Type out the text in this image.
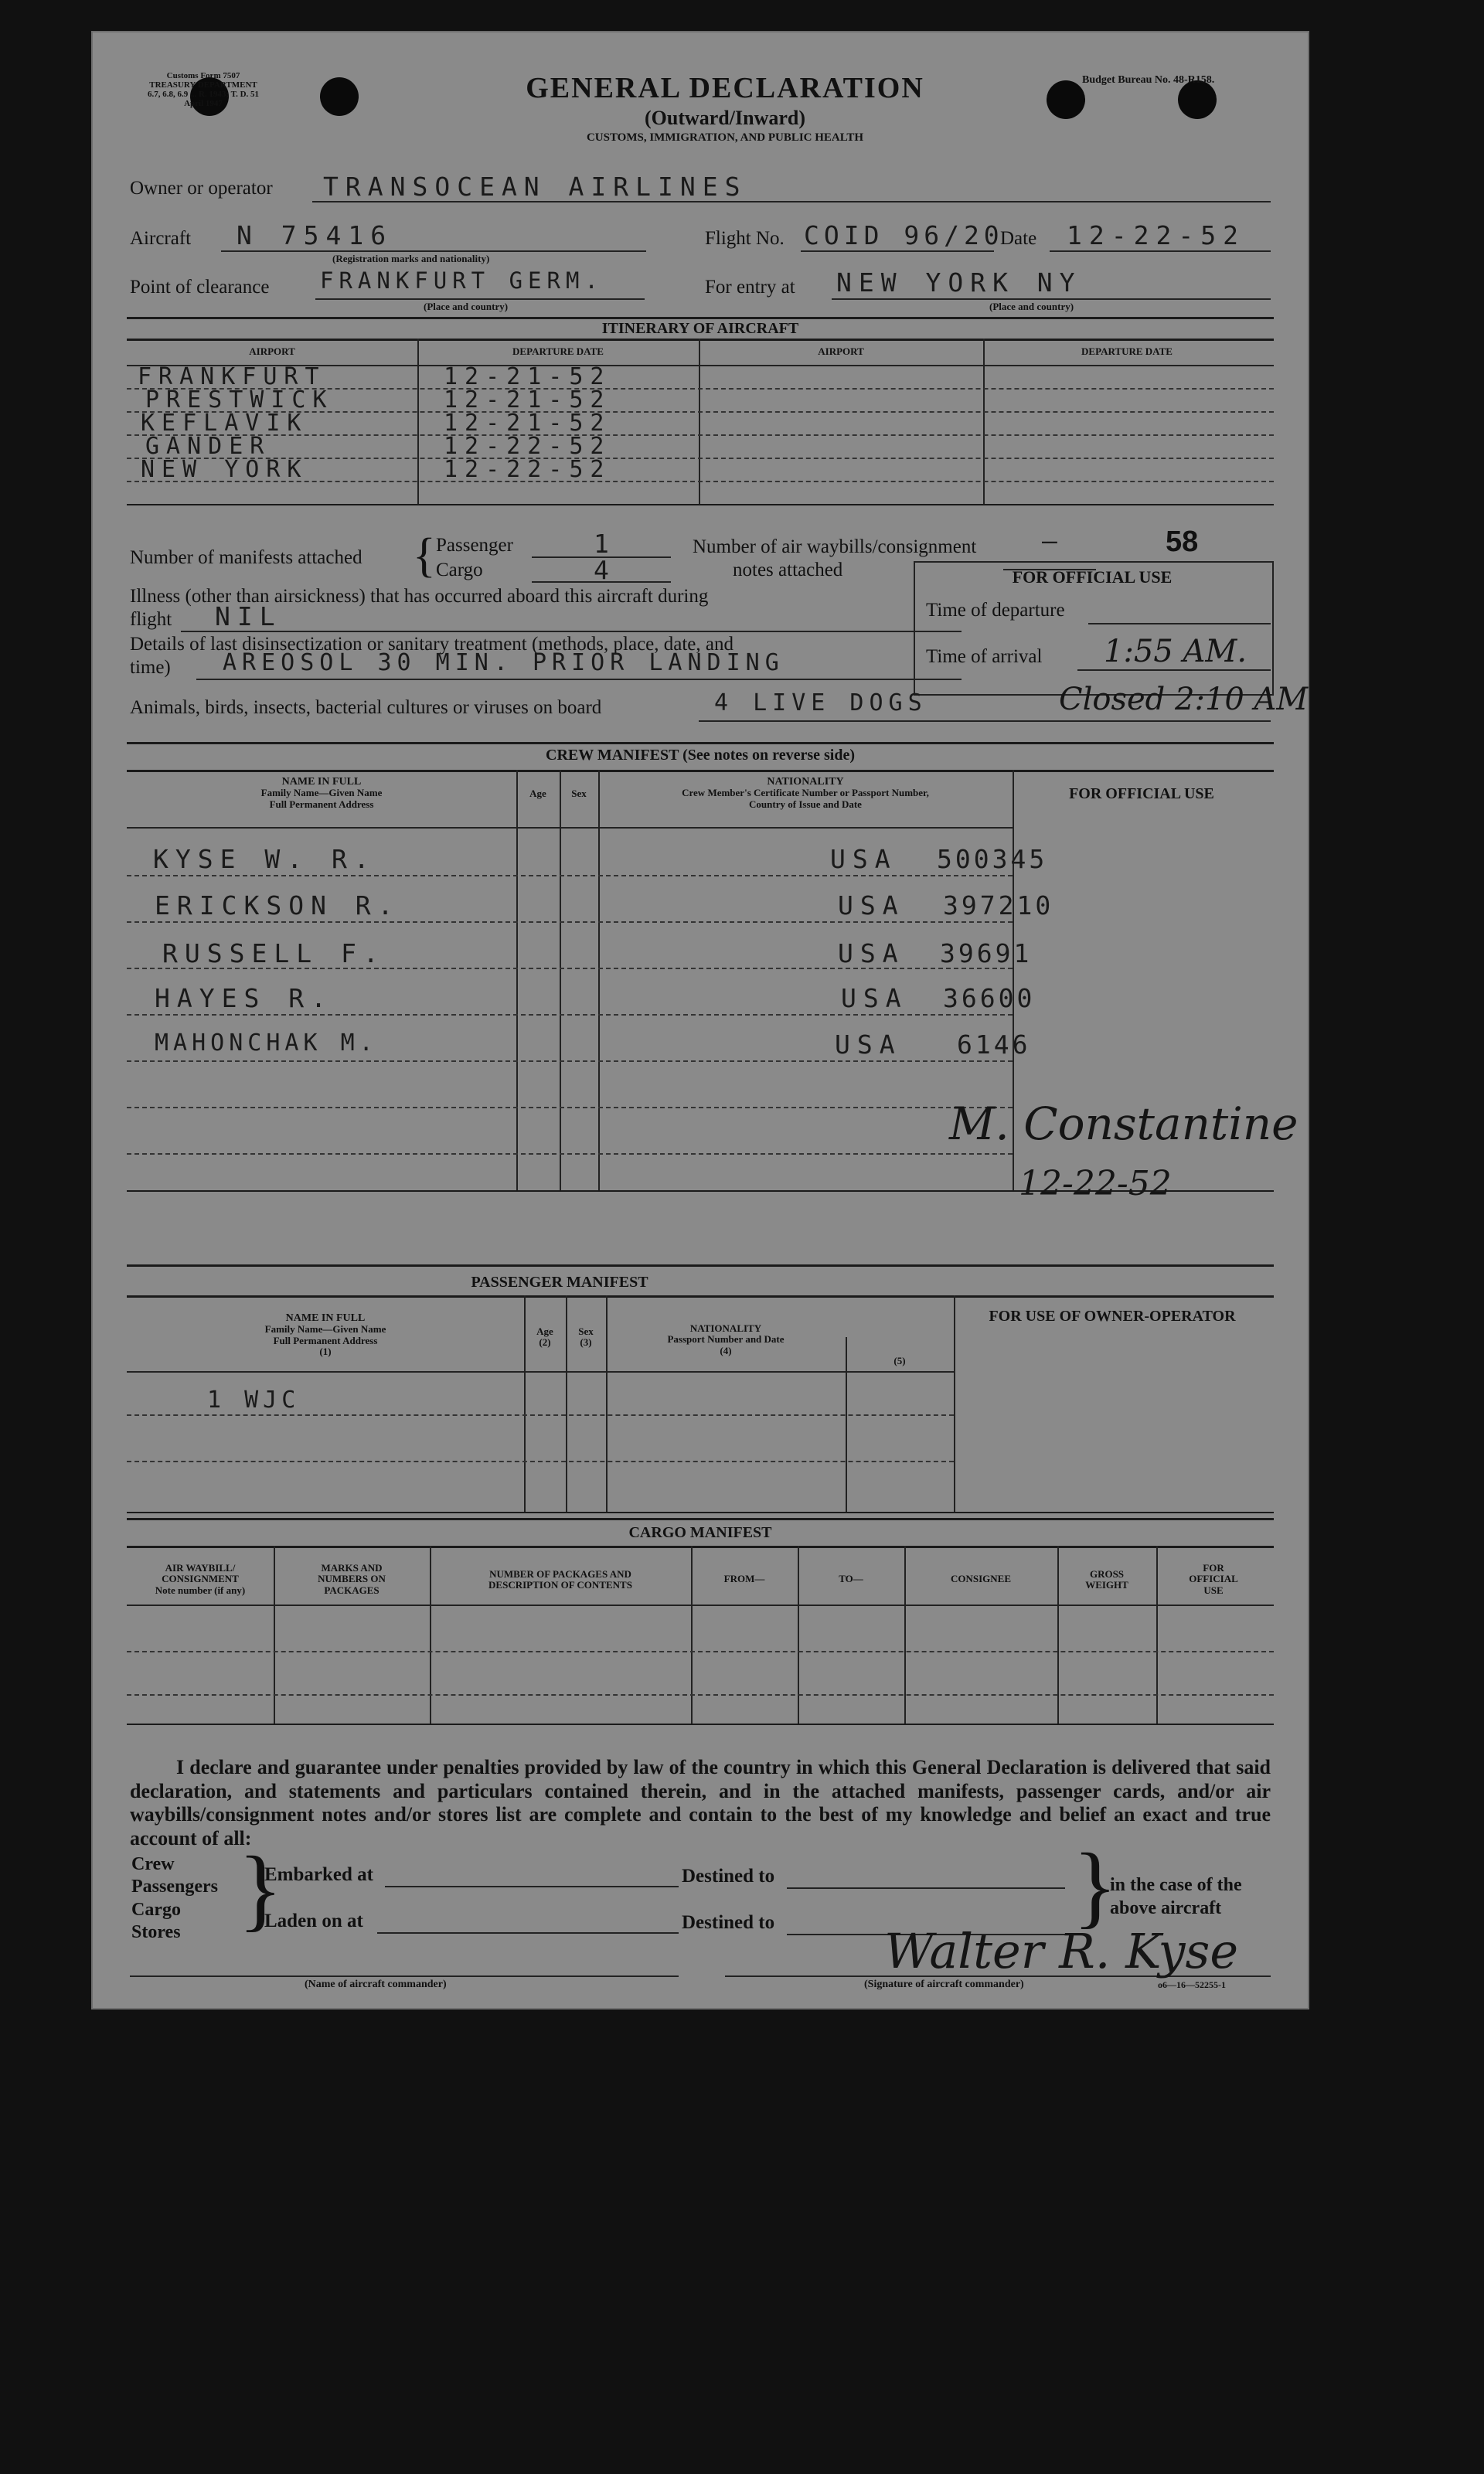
Customs Form 7507
TREASURY DEPARTMENT
6.7, 6.8, 6.9 ... R. 1943; T. D. 51
April 1947	GENERAL DECLARATION
(Outward/Inward)
CUSTOMS, IMMIGRATION, AND PUBLIC HEALTH
Budget Bureau No. 48-R158.
Owner or operator TRANSOCEAN AIRLINES
Aircraft N 75416
(Registration marks and nationality)
Flight No. COID 96/20
Date 12-22-52
Point of clearance FRANKFURT GERM.
(Place and country)
For entry at NEW YORK NY
(Place and country)
ITINERARY OF AIRCRAFT
AIRPORT	DEPARTURE DATE	AIRPORT	DEPARTURE DATE
FRANKFURT	12-21-52
PRESTWICK	12-21-52
KEFLAVIK	12-21-52
GANDER	12-22-52
NEW YORK	12-22-52
Number of manifests attached { Passenger
Cargo
1
4
Number of air waybills/consignment
notes attached
—	58
Illness (other than airsickness) that has occurred aboard this aircraft during
flight NIL
Details of last disinsectization or sanitary treatment (methods, place, date, and
time) AREOSOL 30 MIN. PRIOR LANDING
FOR OFFICIAL USE
Time of departure
Time of arrival 1:55 AM.
Animals, birds, insects, bacterial cultures or viruses on board	4 LIVE DOGS	Closed 2:10 AM
CREW MANIFEST (See notes on reverse side)
NAME IN FULL
Family Name—Given Name
Full Permanent Address
Age	Sex
NATIONALITY
Crew Member's Certificate Number or Passport Number,
Country of Issue and Date
FOR OFFICIAL USE
KYSE W. R.	USA 500345
ERICKSON R.	USA 397210
RUSSELL F.	USA 39691
HAYES R.	USA 36600
MAHONCHAK M.	USA 6146
M. Constantine
12-22-52
PASSENGER MANIFEST
NAME IN FULL
Family Name—Given Name
Full Permanent Address
(1)
Age
(2)
Sex
(3)
NATIONALITY
Passport Number and Date
(4)
(5)
FOR USE OF OWNER-OPERATOR
1 WJC
CARGO MANIFEST
AIR WAYBILL/
CONSIGNMENT
Note number (if any)
MARKS AND
NUMBERS ON
PACKAGES
NUMBER OF PACKAGES AND
DESCRIPTION OF CONTENTS
FROM—	TO—	CONSIGNEE	GROSS
WEIGHT
FOR
OFFICIAL
USE
I declare and guarantee under penalties provided by law of the country in which this General Declaration is delivered that said declaration, and statements and particulars contained therein, and in the attached manifests, passenger cards, and/or air waybills/consignment notes and/or stores list are complete and contain to the best of my knowledge and belief an exact and true account of all:
Crew
Passengers
Cargo
Stores }
Embarked at
Laden on at
Destined to
Destined to	}
in the case of the above aircraft
(Name of aircraft commander)	(Signature of aircraft commander)
Walter R. Kyse
o6—16—52255-1
